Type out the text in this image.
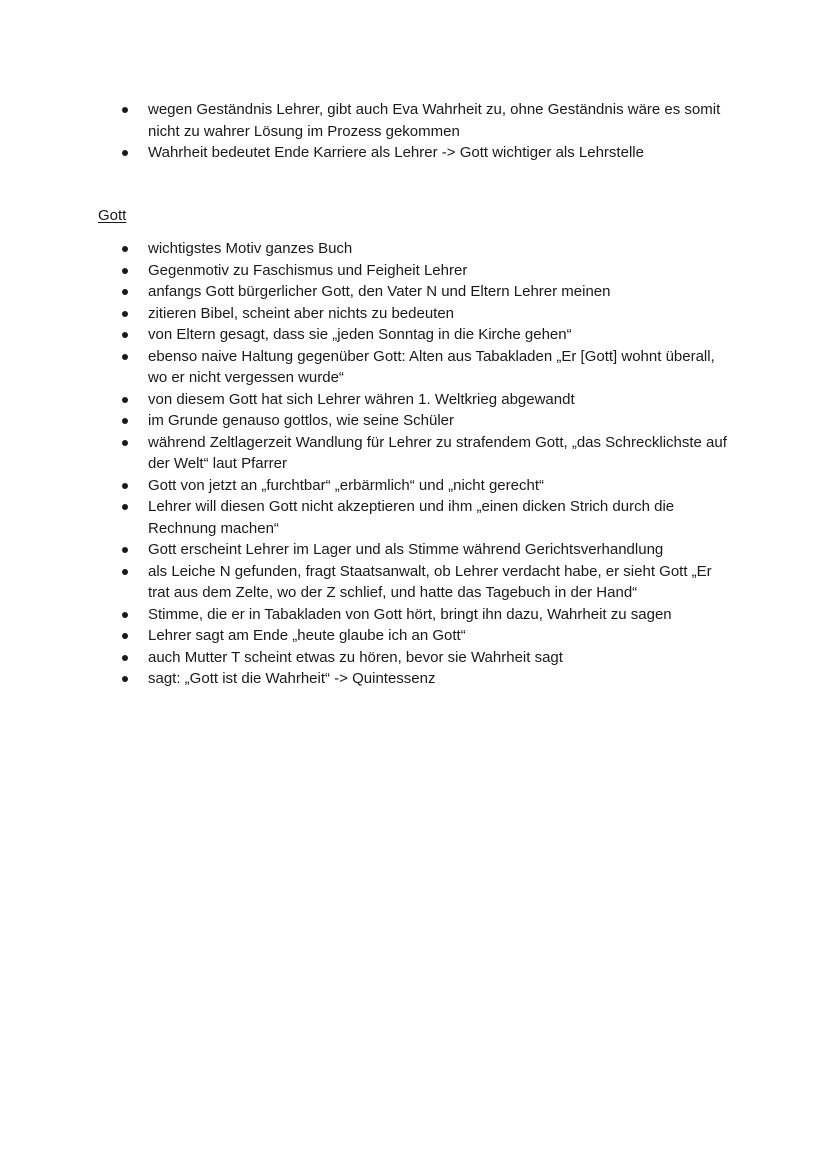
wegen Geständnis Lehrer, gibt auch Eva Wahrheit zu, ohne Geständnis wäre es somit nicht zu wahrer Lösung im Prozess gekommen
Wahrheit bedeutet Ende Karriere als Lehrer -> Gott wichtiger als Lehrstelle
Gott
wichtigstes Motiv ganzes Buch
Gegenmotiv zu Faschismus und Feigheit Lehrer
anfangs Gott bürgerlicher Gott, den Vater N und Eltern Lehrer meinen
zitieren Bibel, scheint aber nichts zu bedeuten
von Eltern gesagt, dass sie „jeden Sonntag in die Kirche gehen“
ebenso naive Haltung gegenüber Gott: Alten aus Tabakladen „Er [Gott] wohnt überall, wo er nicht vergessen wurde“
von diesem Gott hat sich Lehrer währen 1. Weltkrieg abgewandt
im Grunde genauso gottlos, wie seine Schüler
während Zeltlagerzeit Wandlung für Lehrer zu strafendem Gott, „das Schrecklichste auf der Welt“ laut Pfarrer
Gott von jetzt an „furchtbar“ „erbärmlich“ und „nicht gerecht“
Lehrer will diesen Gott nicht akzeptieren und ihm „einen dicken Strich durch die Rechnung machen“
Gott erscheint Lehrer im Lager und als Stimme während Gerichtsverhandlung
als Leiche N gefunden, fragt Staatsanwalt, ob Lehrer verdacht habe, er sieht Gott „Er trat aus dem Zelte, wo der Z schlief, und hatte das Tagebuch in der Hand“
Stimme, die er in Tabakladen von Gott hört, bringt ihn dazu, Wahrheit zu sagen
Lehrer sagt am Ende „heute glaube ich an Gott“
auch Mutter T scheint etwas zu hören, bevor sie Wahrheit sagt
sagt: „Gott ist die Wahrheit“ -> Quintessenz
